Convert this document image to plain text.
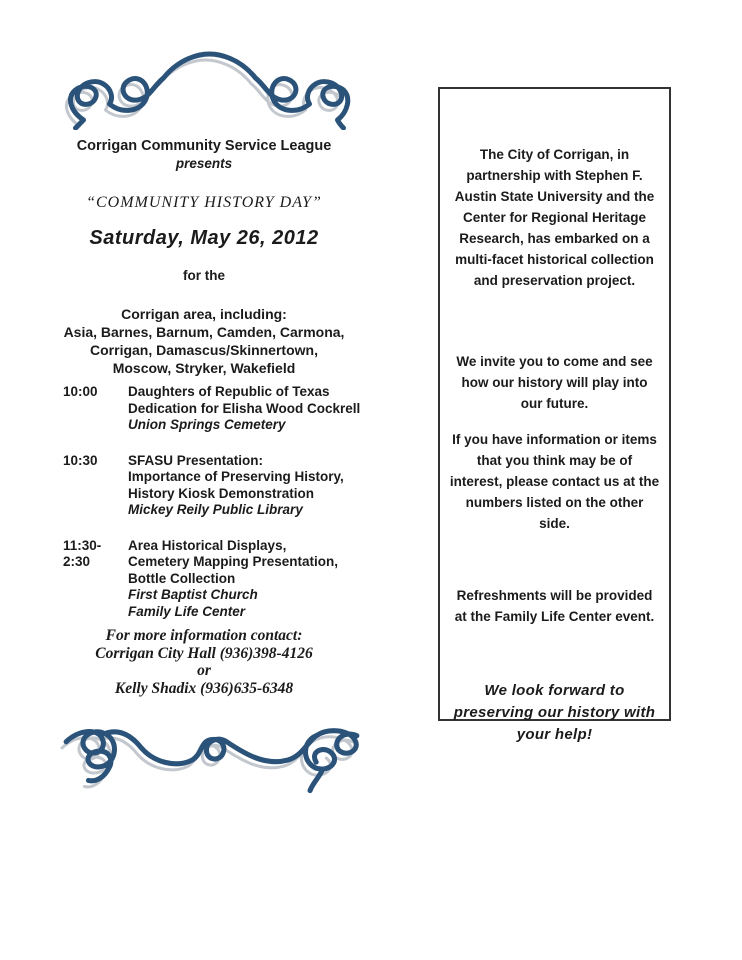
Corrigan Community Service League
presents
“COMMUNITY HISTORY DAY”
Saturday, May 26, 2012
for the
Corrigan area, including:
Asia, Barnes, Barnum, Camden, Carmona,
Corrigan, Damascus/Skinnertown,
Moscow, Stryker, Wakefield
10:00	Daughters of Republic of Texas
Dedication for Elisha Wood Cockrell
Union Springs Cemetery
10:30	SFASU Presentation:
Importance of Preserving History,
History Kiosk Demonstration
Mickey Reily Public Library
11:30-2:30
Area Historical Displays,
Cemetery Mapping Presentation,
Bottle Collection
First Baptist Church
Family Life Center
For more information contact:
Corrigan City Hall (936)398-4126
or
Kelly Shadix (936)635-6348

The City of Corrigan, in partnership with Stephen F. Austin State University and the Center for Regional Heritage Research, has embarked on a multi-facet historical collection and preservation project.

We invite you to come and see how our history will play into our future.

If you have information or items that you think may be of interest, please contact us at the numbers listed on the other side.

Refreshments will be provided at the Family Life Center event.

We look forward to preserving our history with your help!
